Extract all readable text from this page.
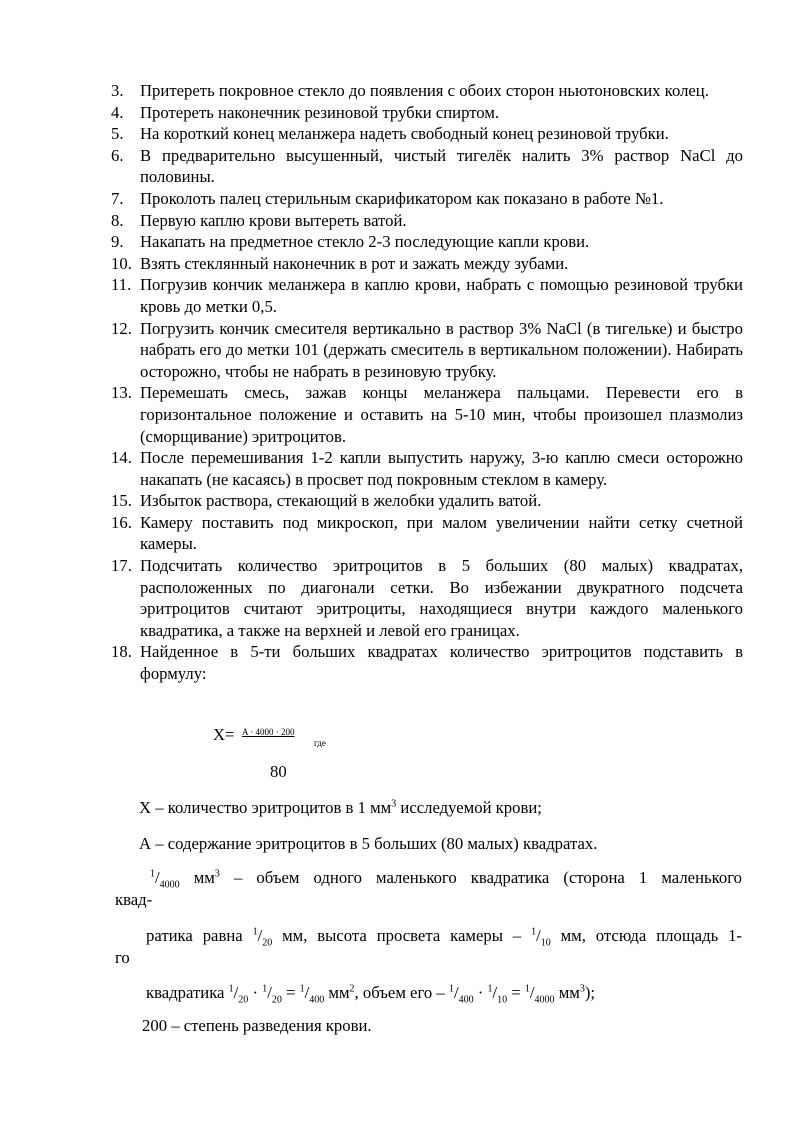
3. Притереть покровное стекло до появления с обоих сторон ньютоновских колец.
4. Протереть наконечник резиновой трубки спиртом.
5. На короткий конец меланжера надеть свободный конец резиновой трубки.
6. В предварительно высушенный, чистый тигелёк налить 3% раствор NaCl до половины.
7. Проколоть палец стерильным скарификатором как показано в работе №1.
8. Первую каплю крови вытереть ватой.
9. Накапать на предметное стекло 2-3 последующие капли крови.
10. Взять стеклянный наконечник в рот и зажать между зубами.
11. Погрузив кончик меланжера в каплю крови, набрать с помощью резиновой трубки кровь до метки 0,5.
12. Погрузить кончик смесителя вертикально в раствор 3% NaCl (в тигельке) и быстро набрать его до метки 101 (держать смеситель в вертикальном положении). Набирать осторожно, чтобы не набрать в резиновую трубку.
13. Перемешать смесь, зажав концы меланжера пальцами. Перевести его в горизонтальное положение и оставить на 5-10 мин, чтобы произошел плазмолиз (сморщивание) эритроцитов.
14. После перемешивания 1-2 капли выпустить наружу, 3-ю каплю смеси осторожно накапать (не касаясь) в просвет под покровным стеклом в камеру.
15. Избыток раствора, стекающий в желобки удалить ватой.
16. Камеру поставить под микроскоп, при малом увеличении найти сетку счетной камеры.
17. Подсчитать количество эритроцитов в 5 больших (80 малых) квадратах, расположенных по диагонали сетки. Во избежании двукратного подсчета эритроцитов считают эритроциты, находящиеся внутри каждого маленького квадратика, а также на верхней и левой его границах.
18. Найденное в 5-ти больших квадратах количество эритроцитов подставить в формулу:
X= A · 4000 · 200
где
80
X – количество эритроцитов в 1 $мм^3$ исследуемой крови;
А – содержание эритроцитов в 5 больших (80 малых) квадратах.
$^1/_{4000}$ $мм^3$ – объем одного маленького квадратика (сторона 1 маленького
квад-
ратика равна $^1/_{20}$ мм, высота просвета камеры – $^1/_{10}$ мм, отсюда площадь 1-
го
квадратика $^1/_{20} \cdot ^1/_{20} = ^1/_{400}$ $мм^2$, объем его – $^1/_{400} \cdot ^1/_{10} = ^1/_{4000}$ $мм^3$);
200 – степень разведения крови.
